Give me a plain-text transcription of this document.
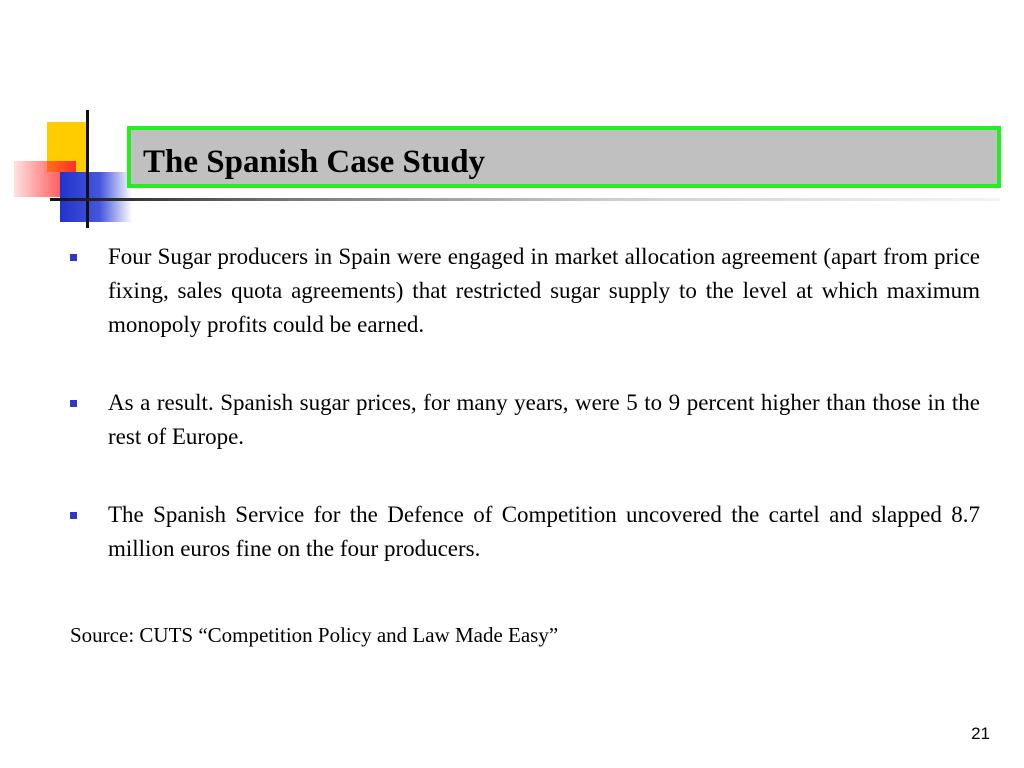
The Spanish Case Study
Four Sugar producers in Spain were engaged in market allocation agreement (apart from price fixing, sales quota agreements) that restricted sugar supply to the level at which maximum monopoly profits could be earned.
As a result. Spanish sugar prices, for many years, were 5 to 9 percent higher than those in the rest of Europe.
The Spanish Service for the Defence of Competition uncovered the cartel and slapped 8.7 million euros fine on the four producers.
Source: CUTS “Competition Policy and Law Made Easy”
21
